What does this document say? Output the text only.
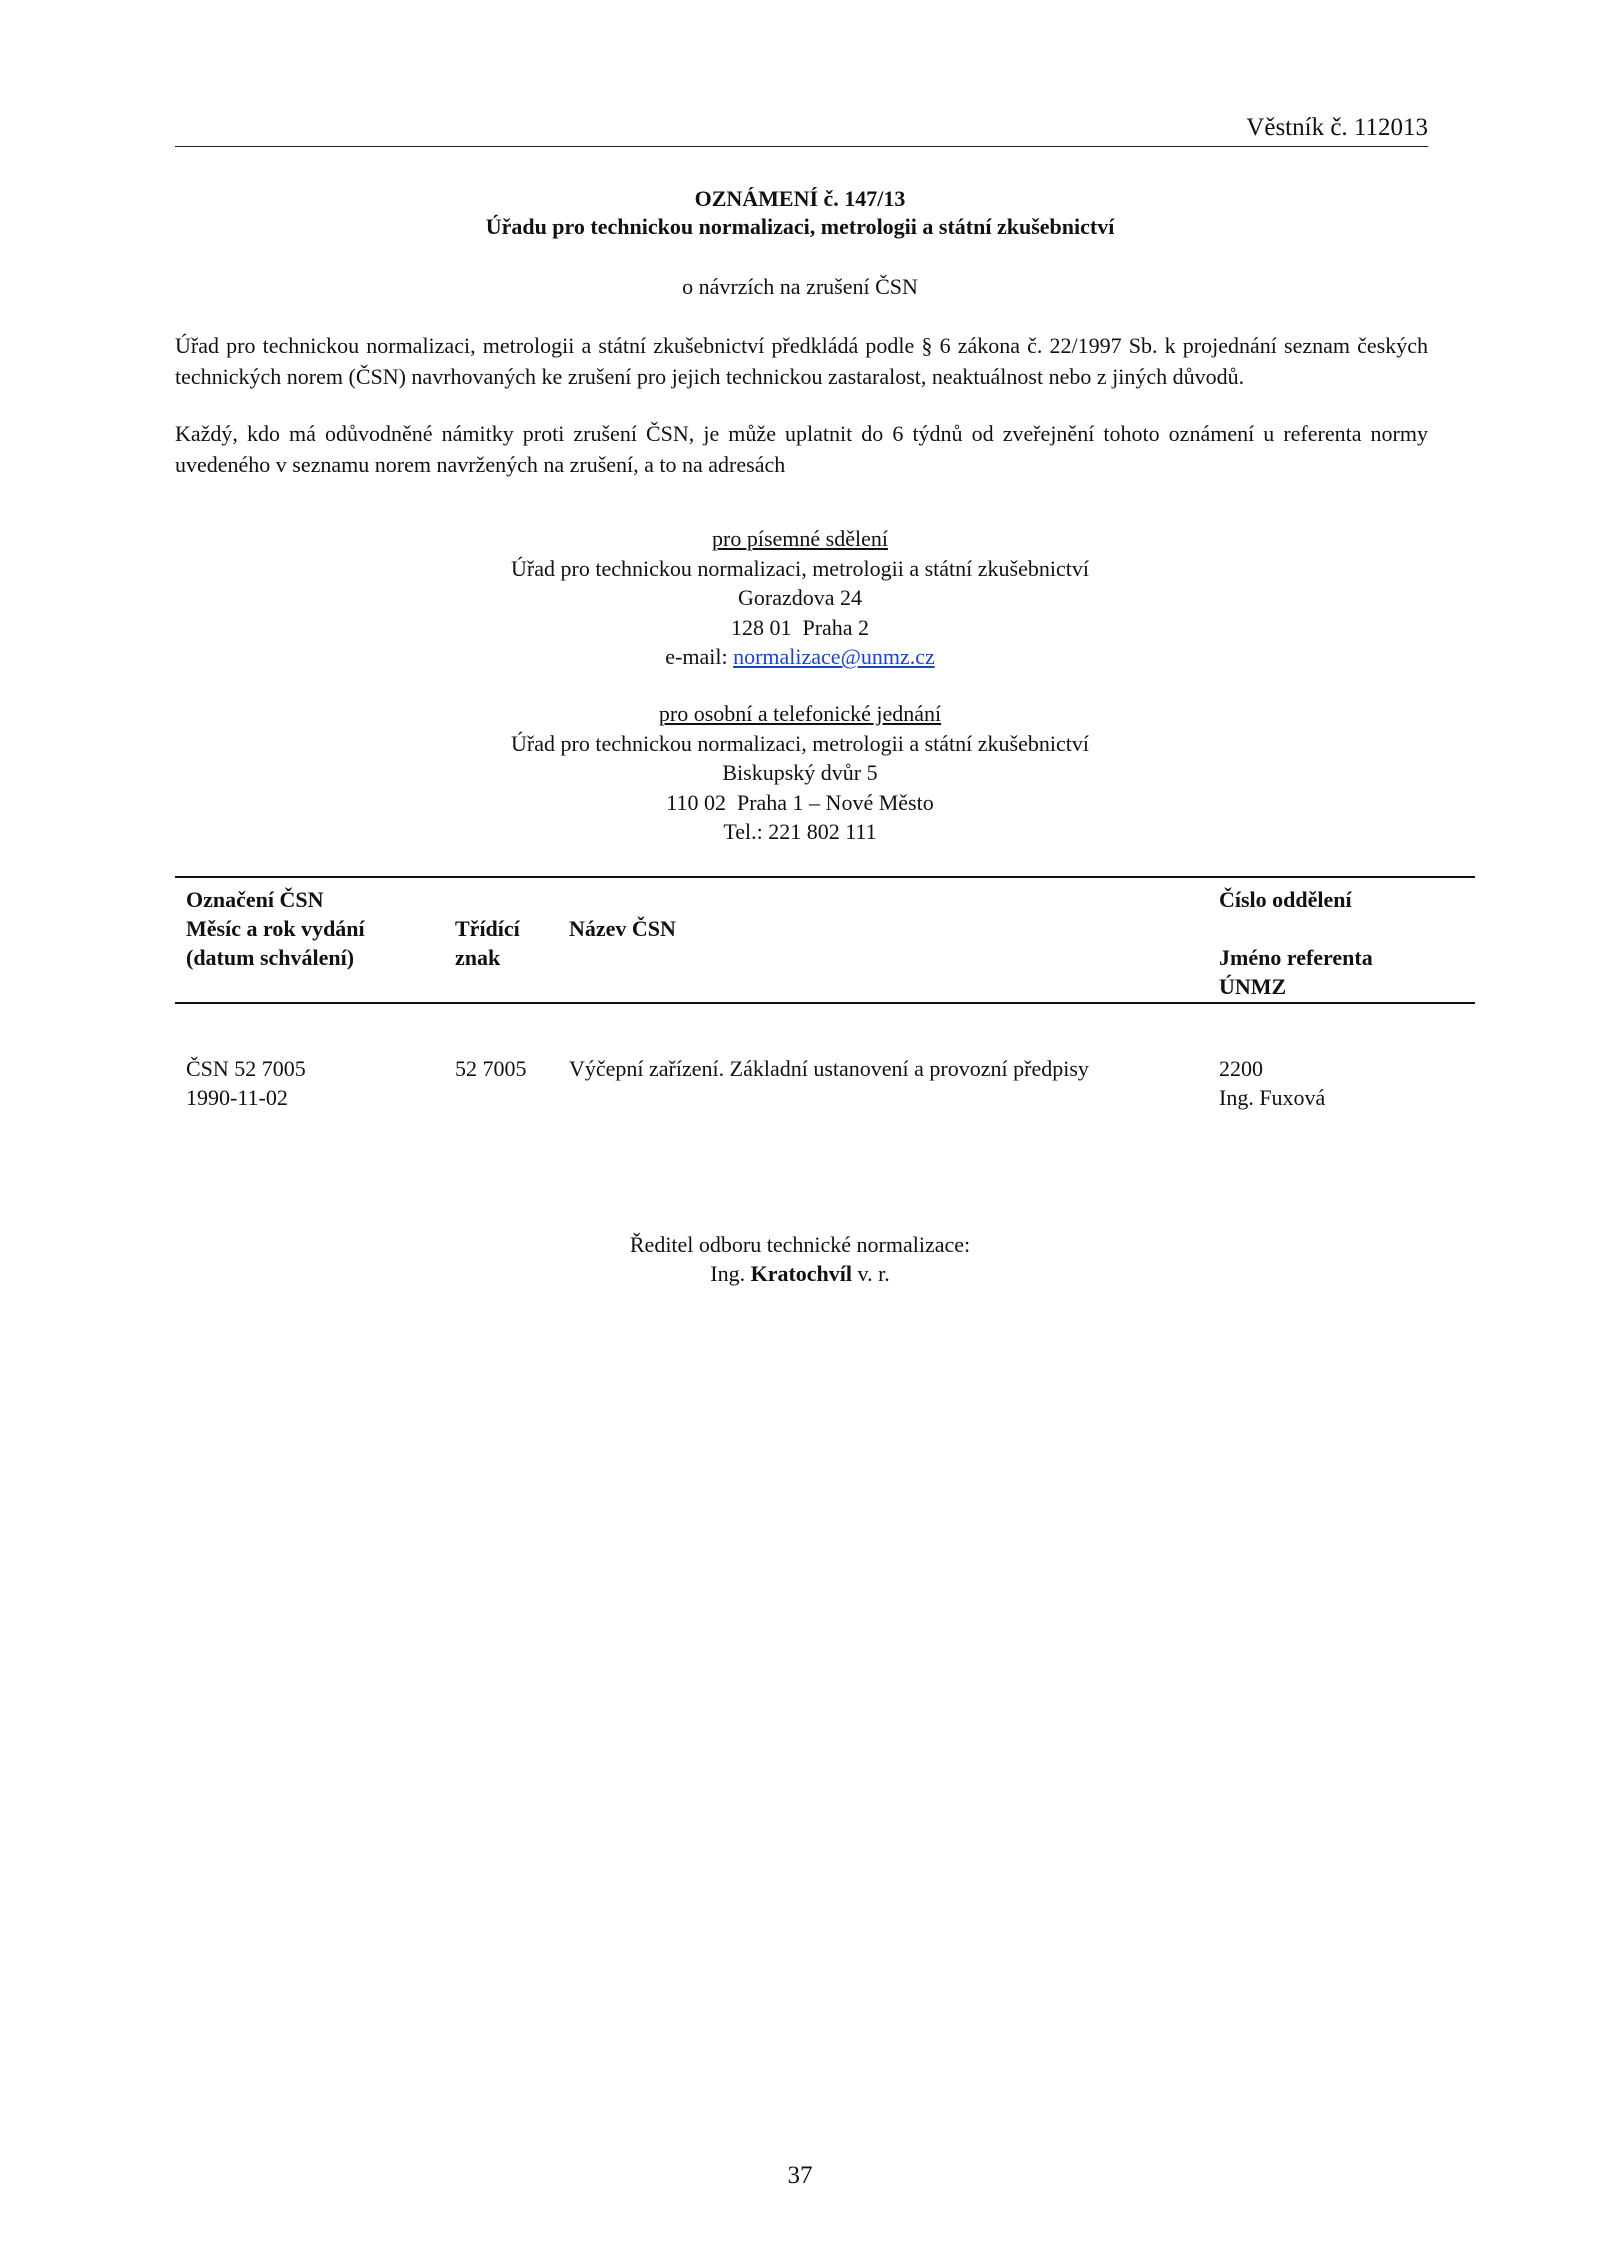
Věstník č. 112013
OZNÁMENÍ č. 147/13
Úřadu pro technickou normalizaci, metrologii a státní zkušebnictví
o návrzích na zrušení ČSN
Úřad pro technickou normalizaci, metrologii a státní zkušebnictví předkládá podle § 6 zákona č. 22/1997 Sb. k projednání seznam českých technických norem (ČSN) navrhovaných ke zrušení pro jejich technickou zastaralost, neaktuálnost nebo z jiných důvodů.
Každý, kdo má odůvodněné námitky proti zrušení ČSN, je může uplatnit do 6 týdnů od zveřejnění tohoto oznámení u referenta normy uvedeného v seznamu norem navržených na zrušení, a to na adresách
pro písemné sdělení
Úřad pro technickou normalizaci, metrologii a státní zkušebnictví
Gorazdova 24
128 01  Praha 2
e-mail: normalizace@unmz.cz
pro osobní a telefonické jednání
Úřad pro technickou normalizaci, metrologii a státní zkušebnictví
Biskupský dvůr 5
110 02  Praha 1 – Nové Město
Tel.: 221 802 111
Označení ČSN
Měsíc a rok vydání
(datum schválení)
Třídící
znak
Název ČSN
Číslo oddělení

Jméno referenta
ÚNMZ
ČSN 52 7005
1990-11-02
52 7005 Výčepní zařízení. Základní ustanovení a provozní předpisy	2200
Ing. Fuxová
Ředitel odboru technické normalizace:
Ing. Kratochvíl v. r.
37
